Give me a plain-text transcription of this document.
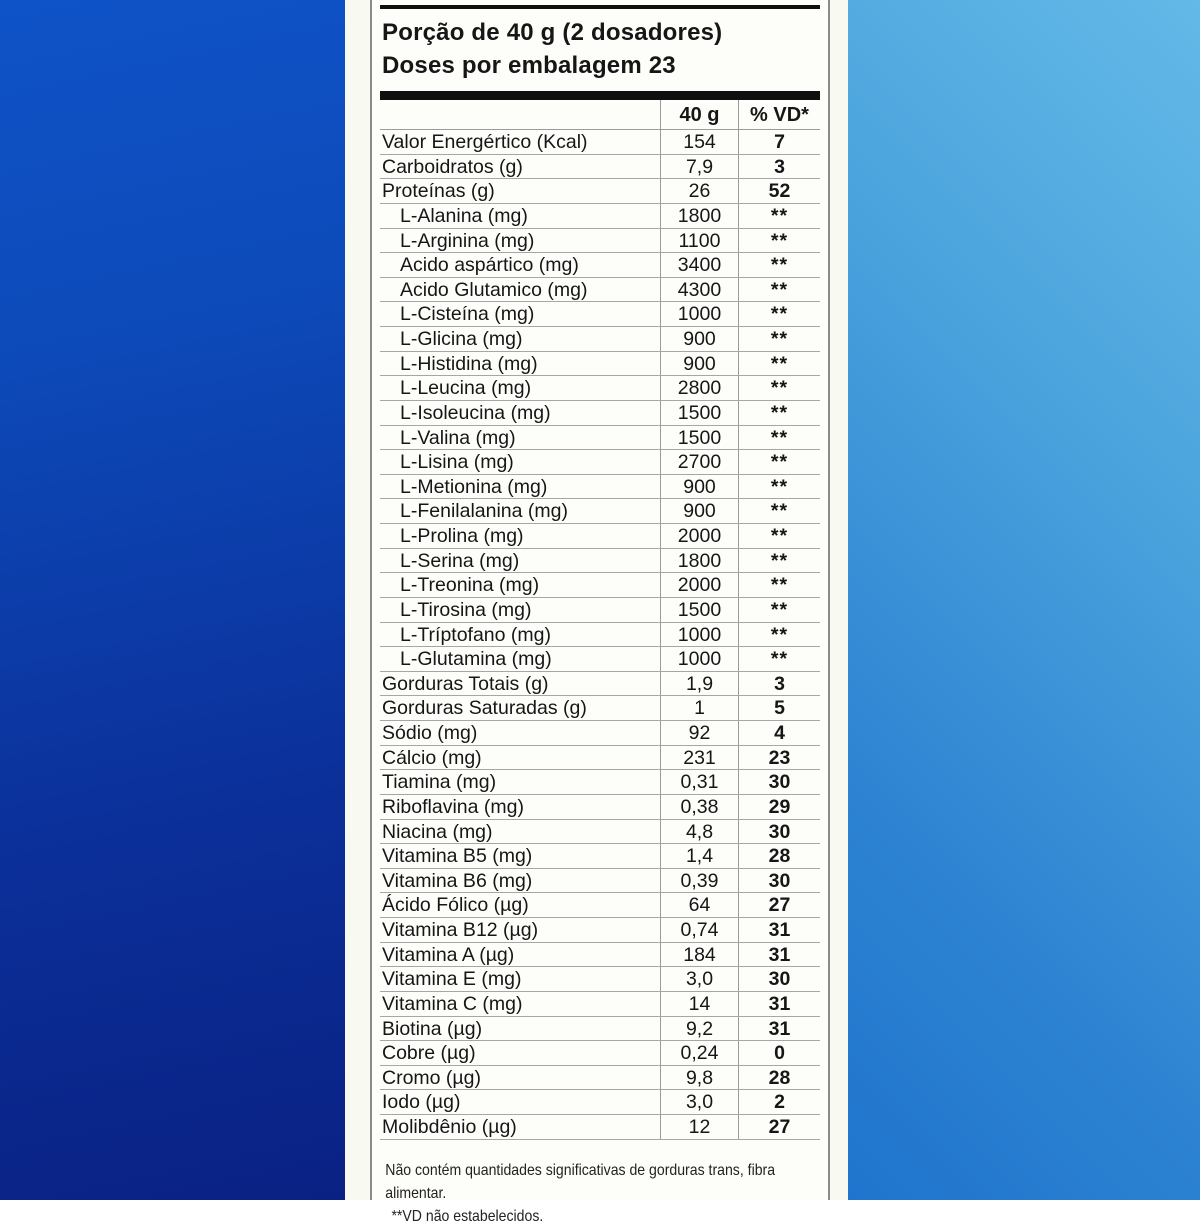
Porção de 40 g (2 dosadores)
Doses por embalagem 23
40 g	% VD*
Valor Energértico (Kcal)	154	7
Carboidratos (g)	7,9	3
Proteínas (g)	26	52
L-Alanina (mg)	1800	**
L-Arginina (mg)	1100	**
Acido aspártico (mg)	3400	**
Acido Glutamico (mg)	4300	**
L-Cisteína (mg)	1000	**
L-Glicina (mg)	900	**
L-Histidina (mg)	900	**
L-Leucina (mg)	2800	**
L-Isoleucina (mg)	1500	**
L-Valina (mg)	1500	**
L-Lisina (mg)	2700	**
L-Metionina (mg)	900	**
L-Fenilalanina (mg)	900	**
L-Prolina (mg)	2000	**
L-Serina (mg)	1800	**
L-Treonina (mg)	2000	**
L-Tirosina (mg)	1500	**
L-Tríptofano (mg)	1000	**
L-Glutamina (mg)	1000	**
Gorduras Totais (g)	1,9	3
Gorduras Saturadas (g)	1	5
Sódio (mg)	92	4
Cálcio (mg)	231	23
Tiamina (mg)	0,31	30
Riboflavina (mg)	0,38	29
Niacina (mg)	4,8	30
Vitamina B5 (mg)	1,4	28
Vitamina B6 (mg)	0,39	30
Ácido Fólico (µg)	64	27
Vitamina B12 (µg)	0,74	31
Vitamina A (µg)	184	31
Vitamina E (mg)	3,0	30
Vitamina C (mg)	14	31
Biotina (µg)	9,2	31
Cobre (µg)	0,24	0
Cromo (µg)	9,8	28
Iodo (µg)	3,0	2
Molibdênio (µg)	12	27
Não contém quantidades significativas de gorduras trans, fibra alimentar.
**VD não estabelecidos.
